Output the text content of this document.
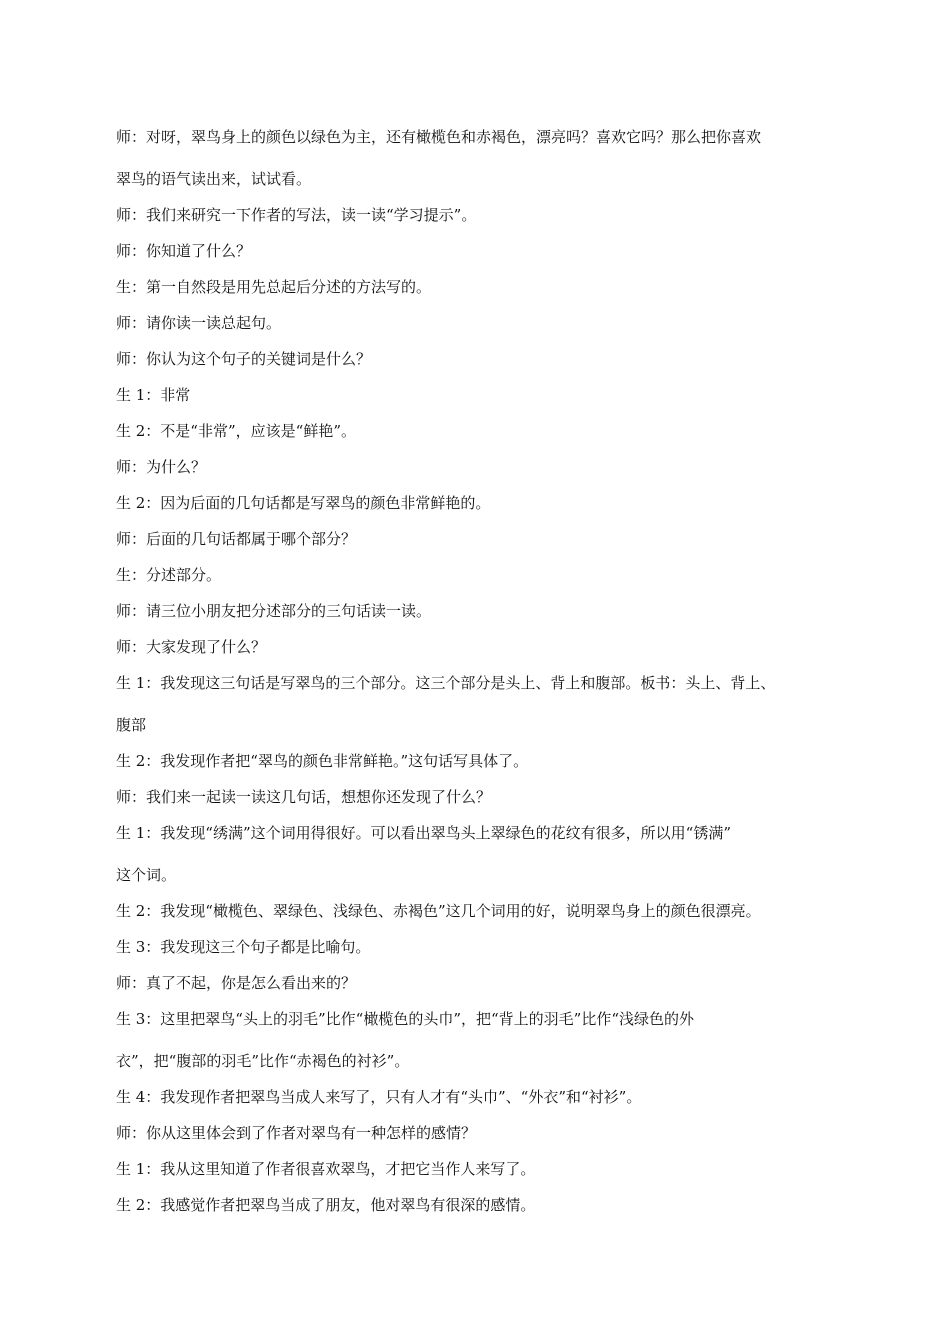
师：对呀，翠鸟身上的颜色以绿色为主，还有橄榄色和赤褐色，漂亮吗？喜欢它吗？那么把你喜欢
翠鸟的语气读出来，试试看。
师：我们来研究一下作者的写法，读一读“学习提示”。
师：你知道了什么？
生：第一自然段是用先总起后分述的方法写的。
师：请你读一读总起句。
师：你认为这个句子的关键词是什么？
生 1：非常
生 2：不是“非常”，应该是“鲜艳”。
师：为什么？
生 2：因为后面的几句话都是写翠鸟的颜色非常鲜艳的。
师：后面的几句话都属于哪个部分？
生：分述部分。
师：请三位小朋友把分述部分的三句话读一读。
师：大家发现了什么？
生 1：我发现这三句话是写翠鸟的三个部分。这三个部分是头上、背上和腹部。板书：头上、背上、
腹部
生 2：我发现作者把“翠鸟的颜色非常鲜艳。”这句话写具体了。
师：我们来一起读一读这几句话，想想你还发现了什么？
生 1：我发现“绣满”这个词用得很好。可以看出翠鸟头上翠绿色的花纹有很多，所以用“锈满”
这个词。
生 2：我发现“橄榄色、翠绿色、浅绿色、赤褐色”这几个词用的好，说明翠鸟身上的颜色很漂亮。
生 3：我发现这三个句子都是比喻句。
师：真了不起，你是怎么看出来的？
生 3：这里把翠鸟“头上的羽毛”比作“橄榄色的头巾”，把“背上的羽毛”比作“浅绿色的外
衣”，把“腹部的羽毛”比作“赤褐色的衬衫”。
生 4：我发现作者把翠鸟当成人来写了，只有人才有“头巾”、“外衣”和“衬衫”。
师：你从这里体会到了作者对翠鸟有一种怎样的感情？
生 1：我从这里知道了作者很喜欢翠鸟，才把它当作人来写了。
生 2：我感觉作者把翠鸟当成了朋友，他对翠鸟有很深的感情。
